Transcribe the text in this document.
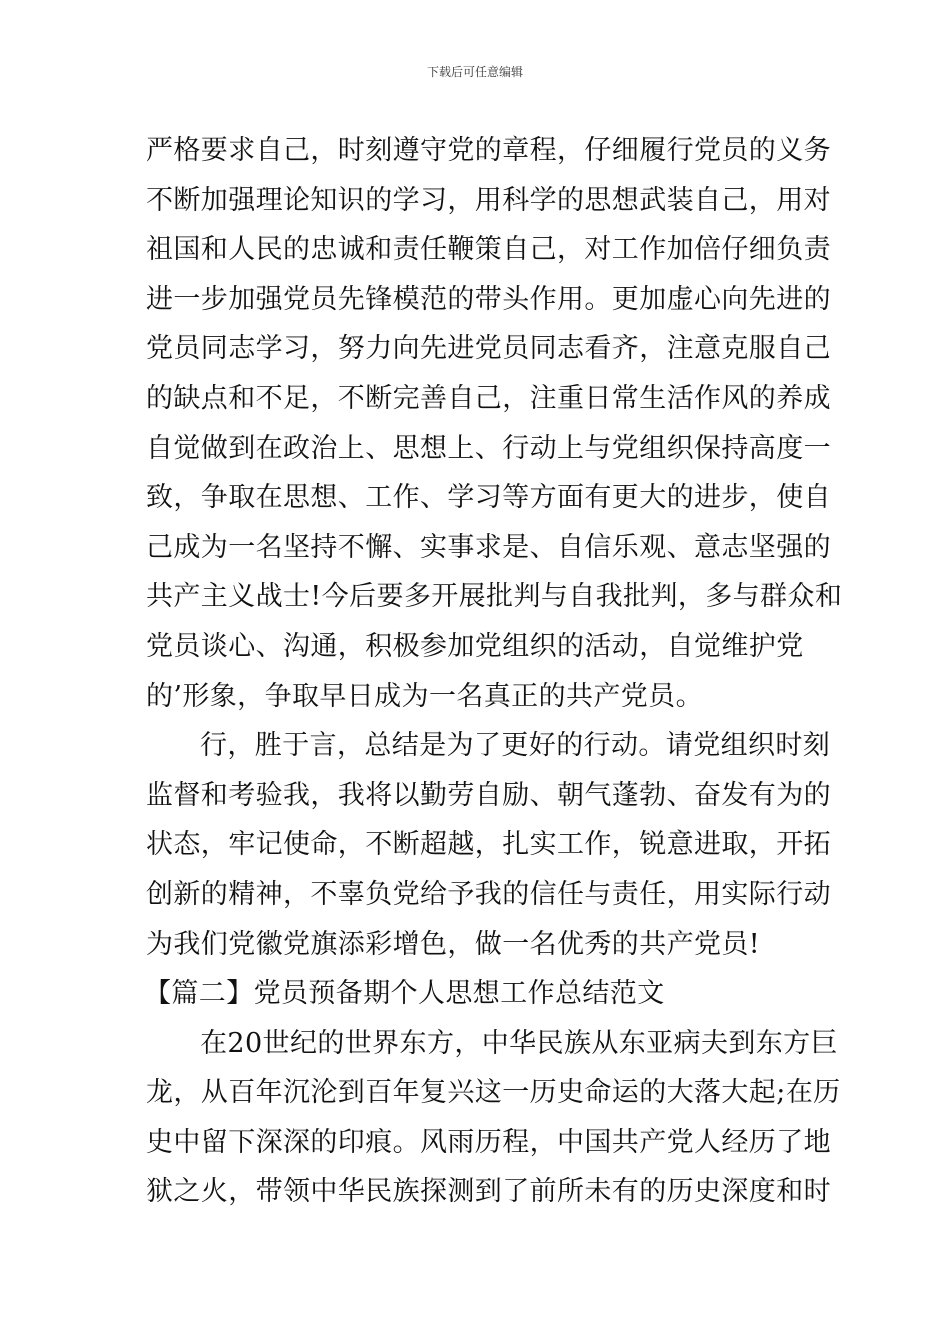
下载后可任意编辑
严格要求自己，时刻遵守党的章程，仔细履行党员的义务
不断加强理论知识的学习，用科学的思想武装自己，用对
祖国和人民的忠诚和责任鞭策自己，对工作加倍仔细负责
进一步加强党员先锋模范的带头作用。更加虚心向先进的
党员同志学习，努力向先进党员同志看齐，注意克服自己
的缺点和不足，不断完善自己，注重日常生活作风的养成
自觉做到在政治上、思想上、行动上与党组织保持高度一
致，争取在思想、工作、学习等方面有更大的进步，使自
己成为一名坚持不懈、实事求是、自信乐观、意志坚强的
共产主义战士!今后要多开展批判与自我批判，多与群众和
党员谈心、沟通，积极参加党组织的活动，自觉维护党
的’形象，争取早日成为一名真正的共产党员。
行，胜于言，总结是为了更好的行动。请党组织时刻
监督和考验我，我将以勤劳自励、朝气蓬勃、奋发有为的
状态，牢记使命，不断超越，扎实工作，锐意进取，开拓
创新的精神，不辜负党给予我的信任与责任，用实际行动
为我们党徽党旗添彩增色，做一名优秀的共产党员!
【篇二】党员预备期个人思想工作总结范文
在20世纪的世界东方，中华民族从东亚病夫到东方巨
龙，从百年沉沦到百年复兴这一历史命运的大落大起;在历
史中留下深深的印痕。风雨历程，中国共产党人经历了地
狱之火，带领中华民族探测到了前所未有的历史深度和时
